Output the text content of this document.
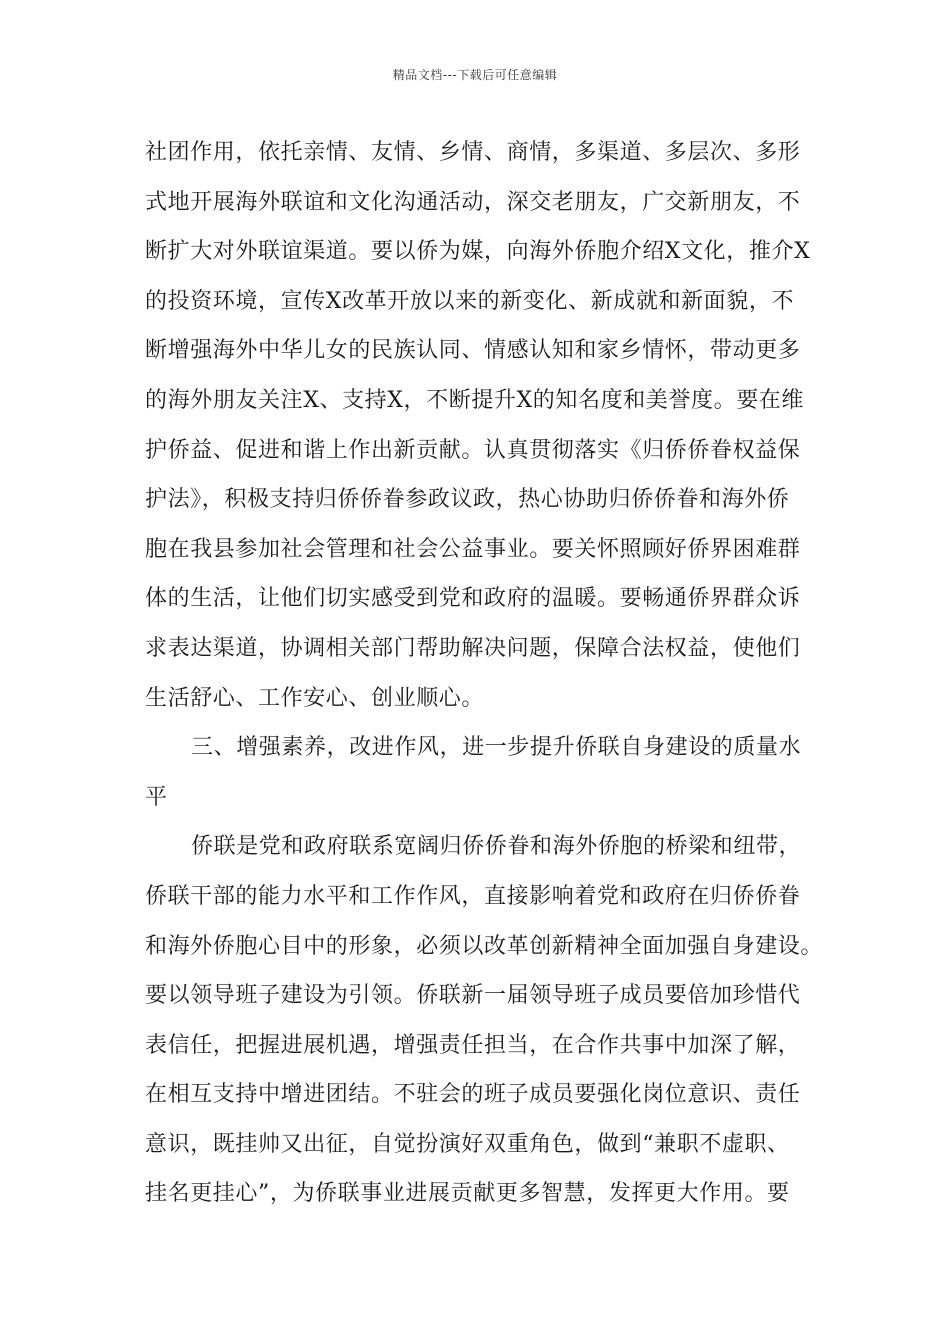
精品文档---下载后可任意编辑
社团作用，依托亲情、友情、乡情、商情，多渠道、多层次、多形
式地开展海外联谊和文化沟通活动，深交老朋友，广交新朋友，不
断扩大对外联谊渠道。要以侨为媒，向海外侨胞介绍X文化，推介X
的投资环境，宣传X改革开放以来的新变化、新成就和新面貌，不
断增强海外中华儿女的民族认同、情感认知和家乡情怀，带动更多
的海外朋友关注X、支持X，不断提升X的知名度和美誉度。要在维
护侨益、促进和谐上作出新贡献。认真贯彻落实《归侨侨眷权益保
护法》，积极支持归侨侨眷参政议政，热心协助归侨侨眷和海外侨
胞在我县参加社会管理和社会公益事业。要关怀照顾好侨界困难群
体的生活，让他们切实感受到党和政府的温暖。要畅通侨界群众诉
求表达渠道，协调相关部门帮助解决问题，保障合法权益，使他们
生活舒心、工作安心、创业顺心。
三、增强素养，改进作风，进一步提升侨联自身建设的质量水
平
侨联是党和政府联系宽阔归侨侨眷和海外侨胞的桥梁和纽带，
侨联干部的能力水平和工作作风，直接影响着党和政府在归侨侨眷
和海外侨胞心目中的形象，必须以改革创新精神全面加强自身建设。
要以领导班子建设为引领。侨联新一届领导班子成员要倍加珍惜代
表信任，把握进展机遇，增强责任担当，在合作共事中加深了解，
在相互支持中增进团结。不驻会的班子成员要强化岗位意识、责任
意识，既挂帅又出征，自觉扮演好双重角色，做到“兼职不虚职、
挂名更挂心”，为侨联事业进展贡献更多智慧，发挥更大作用。要
